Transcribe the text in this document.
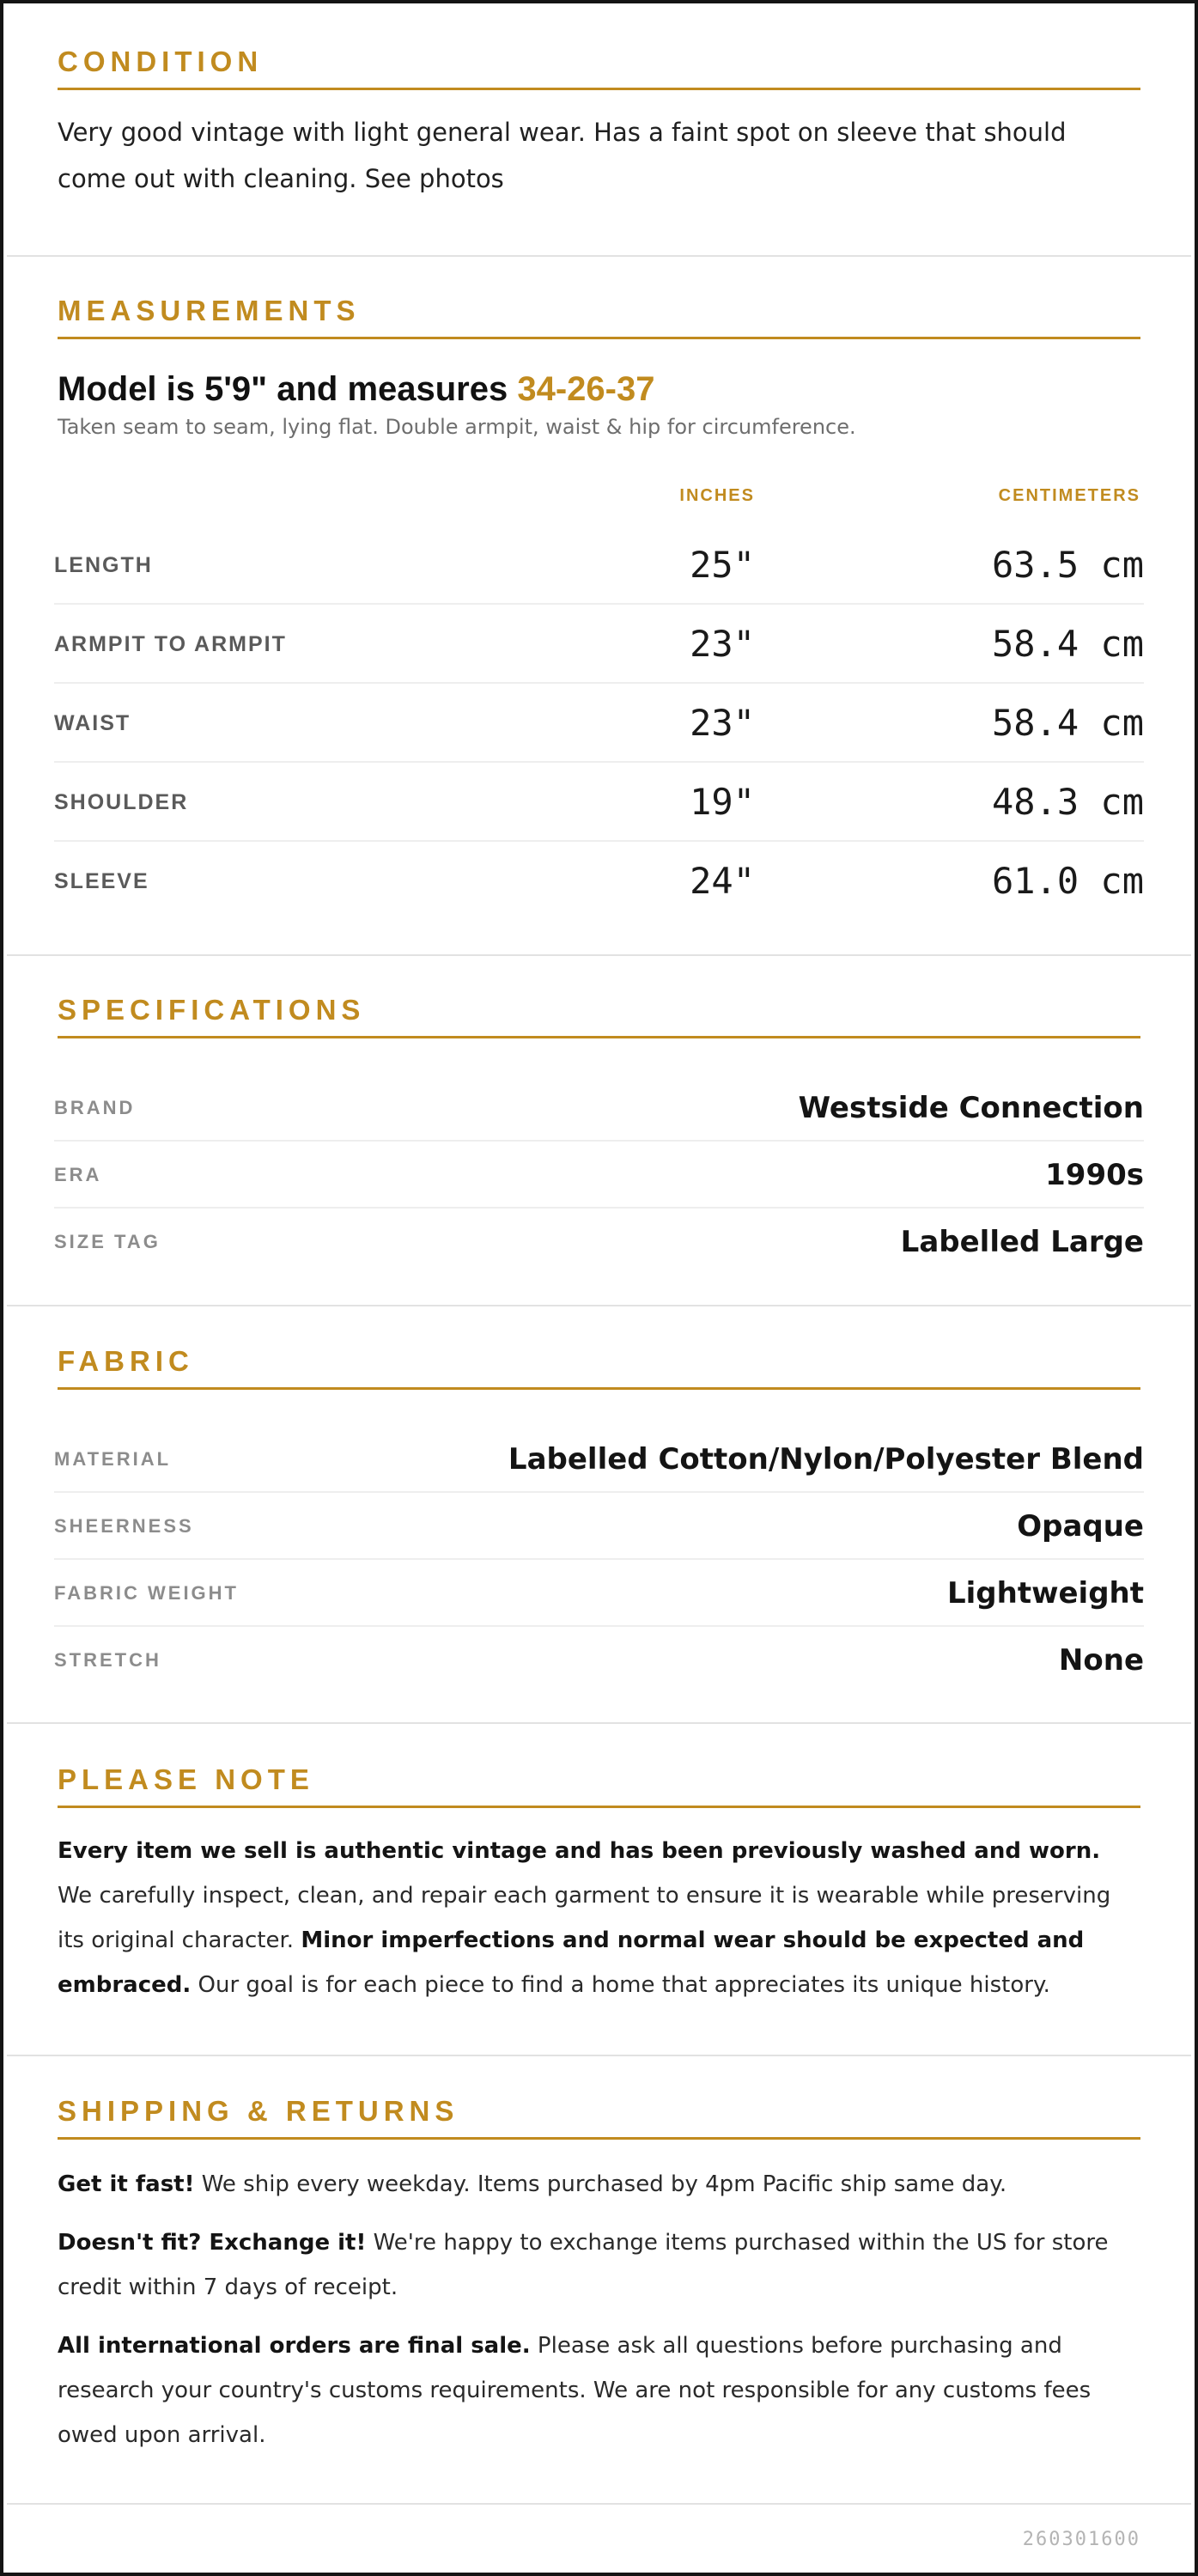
CONDITION
Very good vintage with light general wear. Has a faint spot on sleeve that should come out with cleaning. See photos
MEASUREMENTS
Model is 5'9" and measures 34-26-37
Taken seam to seam, lying flat. Double armpit, waist & hip for circumference.
INCHES	CENTIMETERS
LENGTH	25"	63.5 cm
ARMPIT TO ARMPIT	23"	58.4 cm
WAIST	23"	58.4 cm
SHOULDER	19"	48.3 cm
SLEEVE	24"	61.0 cm
SPECIFICATIONS
BRAND	Westside Connection
ERA	1990s
SIZE TAG	Labelled Large
FABRIC
MATERIAL	Labelled Cotton/Nylon/Polyester Blend
SHEERNESS	Opaque
FABRIC WEIGHT	Lightweight
STRETCH	None
PLEASE NOTE

Every item we sell is authentic vintage and has been previously washed and worn. We carefully inspect, clean, and repair each garment to ensure it is wearable while preserving its original character. Minor imperfections and normal wear should be expected and embraced. Our goal is for each piece to find a home that appreciates its unique history.

SHIPPING & RETURNS

Get it fast! We ship every weekday. Items purchased by 4pm Pacific ship same day.

Doesn't fit? Exchange it! We're happy to exchange items purchased within the US for store credit within 7 days of receipt.

All international orders are final sale. Please ask all questions before purchasing and research your country's customs requirements. We are not responsible for any customs fees owed upon arrival.

260301600
